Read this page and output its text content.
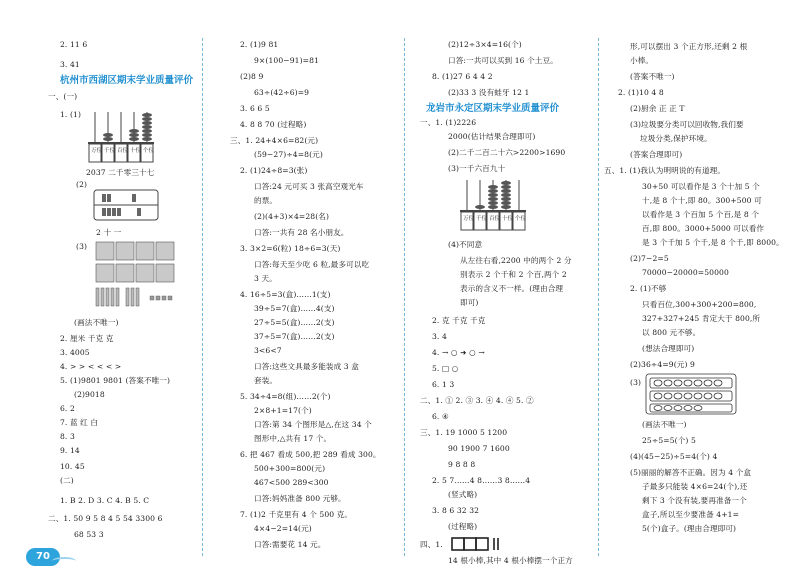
2. 11 6
3. 41
杭州市西湖区期末学业质量评价
一、(一)
1. (1)
万位 千位 百位 十位 个位
2037 二千零三十七
(2)
2 十 一
(3)
(画法不唯一)
2. 厘米 千克 克
3. 4005
4. > > < < < >
5. (1)9801 9801 (答案不唯一)
(2)9018
6. 2
7. 蓝 红 白
8. 3
9. 14
10. 45
(二)
1. B 2. D 3. C 4. B 5. C
二、1. 50 9 5 8 4 5 54 3300 6
68 53 3
70
2. (1)9 81
9×(100−91)=81
(2)8 9
63÷(42÷6)=9
3. 6 6 5
4. 8 8 70 (过程略)
三、1. 24+4×6=82(元)
(59−27)÷4=8(元)
2. (1)24÷8=3(张)
口答:24 元可买 3 张高空观光车
的票。
(2)(4+3)×4=28(名)
口答:一共有 28 名小朋友。
3. 3×2=6(粒) 18÷6=3(天)
口答:每天至少吃 6 粒,最多可以吃
3 天。
4. 16÷5=3(盒)……1(支)
39÷5=7(盒)……4(支)
27÷5=5(盒)……2(支)
37÷5=7(盒)……2(支)
3<6<7
口答:这些文具最多能装成 3 盒
套装。
5. 34÷4=8(组)……2(个)
2×8+1=17(个)
口答:第 34 个图形是△,在这 34 个
图形中,△共有 17 个。
6. 把 467 看成 500,把 289 看成 300。
500+300=800(元)
467<500 289<300
口答:妈妈准备 800 元够。
7. (1)2 千克里有 4 个 500 克。
4×4−2=14(元)
口答:需要花 14 元。
(2)12÷3×4=16(个)
口答:一共可以买到 16 个土豆。
8. (1)27 6 4 4 2
(2)33 3 没有蛙牙 12 1
龙岩市永定区期末学业质量评价
一、1. (1)2226
2000(估计结果合理即可)
(2)二千二百二十六>2200>1690
(3)一千六百九十
万位 千位 百位 十位 个位
(4)不同意
从左往右看,2200 中的两个 2 分
别表示 2 个千和 2 个百,两个 2
表示的含义不一样。(理由合理
即可)
2. 克 千克 千克
3. 4
4. → ○ ➜ ○ →
5. □ ○
6. 1 3
二、1. ① 2. ③ 3. ④ 4. ④ 5. ②
6. ④
三、1. 19 1000 5 1200
90 1900 7 1600
9 8 8 8
2. 5 7……4 8……3 8……4
(竖式略)
3. 8 6 32 32
(过程略)
四、1.
14 根小棒,其中 4 根小棒摆一个正方
形,可以摆出 3 个正方形,还剩 2 根
小棒。
(答案不唯一)
2. (1)10 4 8
(2)厨余 正 正 T
(3)垃圾要分类可以回收物,我们要
垃圾分类,保护环境。
(答案合理即可)
五、1. (1)我认为明明说的有道理。
30+50 可以看作是 3 个十加 5 个
十,是 8 个十,即 80。300+500 可
以看作是 3 个百加 5 个百,是 8 个
百,即 800。3000+5000 可以看作
是 3 个千加 5 个千,是 8 个千,即 8000。
(2)7−2=5
70000−20000=50000
2. (1)不够
只看百位,300+300+200=800,
327+327+245 肯定大于 800,所
以 800 元不够。
(想法合理即可)
(2)36÷4=9(元) 9
(3)
(画法不唯一)
25÷5=5(个) 5
(4)(45−25)÷5=4(个) 4
(5)丽丽的解答不正确。因为 4 个盒
子最多只能装 4×6=24(个),还
剩下 3 个没有装,要再准备一个
盒子,所以至少要准备 4+1=
5(个)盒子。(理由合理即可)
